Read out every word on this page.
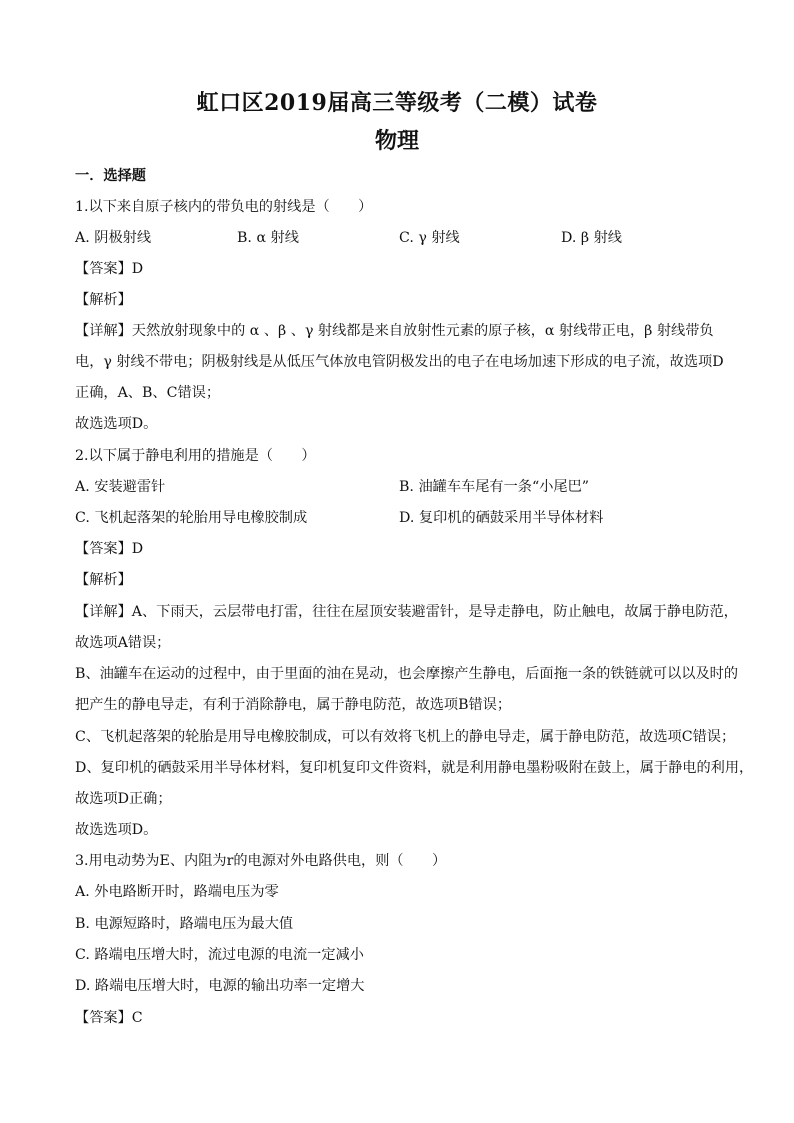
虹口区2019届高三等级考（二模）试卷
物理
一．选择题
1.以下来自原子核内的带负电的射线是（　　）
A. 阴极射线	B. α 射线	C. γ 射线	D. β 射线
【答案】D
【解析】
【详解】天然放射现象中的 α 、β 、γ 射线都是来自放射性元素的原子核，α 射线带正电，β 射线带负
电，γ 射线不带电；阴极射线是从低压气体放电管阴极发出的电子在电场加速下形成的电子流，故选项D
正确，A、B、C错误；
故选选项D。
2.以下属于静电利用的措施是（　　）
A. 安装避雷针	B. 油罐车车尾有一条“小尾巴”
C. 飞机起落架的轮胎用导电橡胶制成	D. 复印机的硒鼓采用半导体材料
【答案】D
【解析】
【详解】A、下雨天，云层带电打雷，往往在屋顶安装避雷针，是导走静电，防止触电，故属于静电防范，
故选项A错误；
B、油罐车在运动的过程中，由于里面的油在晃动，也会摩擦产生静电，后面拖一条的铁链就可以以及时的
把产生的静电导走，有利于消除静电，属于静电防范，故选项B错误；
C、飞机起落架的轮胎是用导电橡胶制成，可以有效将飞机上的静电导走，属于静电防范，故选项C错误；
D、复印机的硒鼓采用半导体材料，复印机复印文件资料，就是利用静电墨粉吸附在鼓上，属于静电的利用，
故选项D正确；
故选选项D。
3.用电动势为E、内阻为r的电源对外电路供电，则（　　）
A. 外电路断开时，路端电压为零
B. 电源短路时，路端电压为最大值
C. 路端电压增大时，流过电源的电流一定减小
D. 路端电压增大时，电源的输出功率一定增大
【答案】C
